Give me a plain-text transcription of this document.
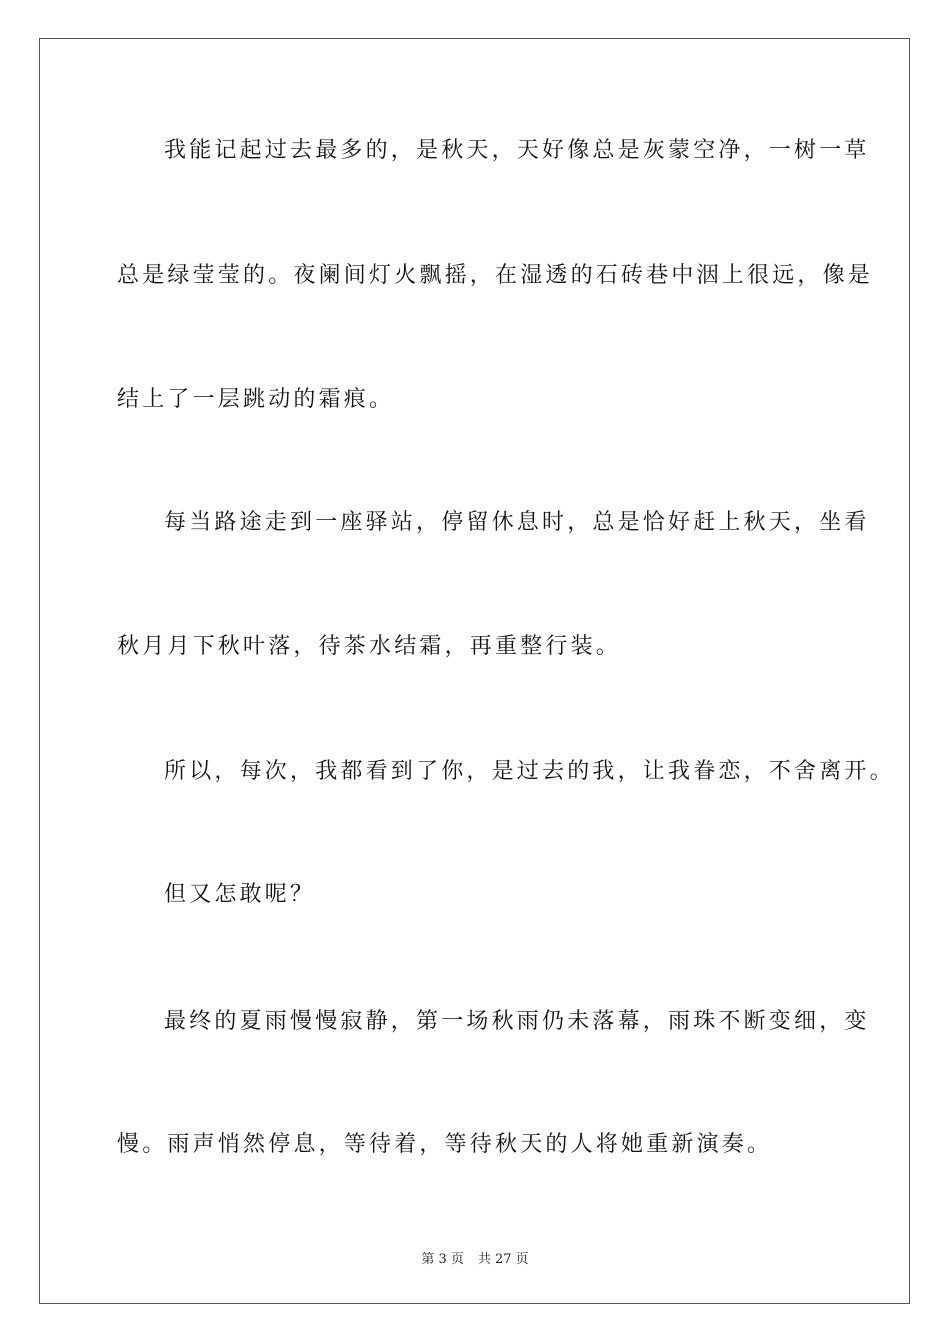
我能记起过去最多的，是秋天，天好像总是灰蒙空净，一树一草
总是绿莹莹的。夜阑间灯火飘摇，在湿透的石砖巷中洇上很远，像是
结上了一层跳动的霜痕。
每当路途走到一座驿站，停留休息时，总是恰好赶上秋天，坐看
秋月月下秋叶落，待茶水结霜，再重整行装。
所以，每次，我都看到了你，是过去的我，让我眷恋，不舍离开。
但又怎敢呢？
最终的夏雨慢慢寂静，第一场秋雨仍未落幕，雨珠不断变细，变
慢。雨声悄然停息，等待着，等待秋天的人将她重新演奏。
第 3 页 共 27 页
